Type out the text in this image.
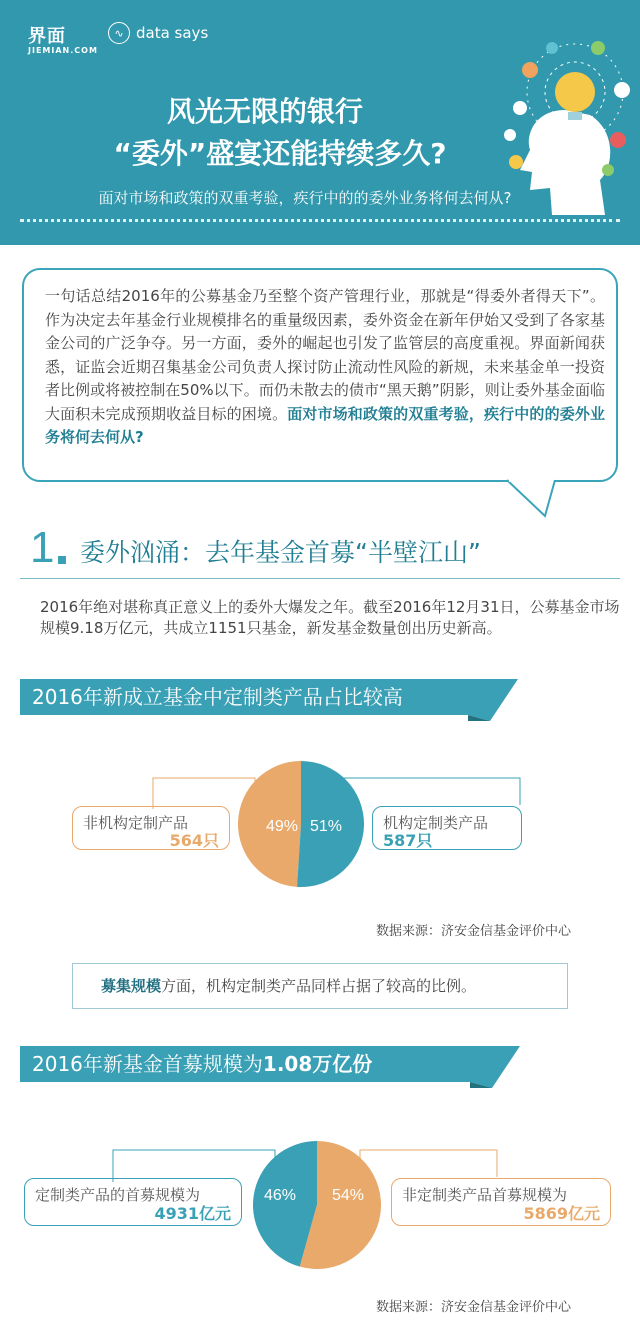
界面
JIEMIAN.COM
∿ data says
风光无限的银行
“委外”盛宴还能持续多久?
面对市场和政策的双重考验，疾行中的的委外业务将何去何从?
一句话总结2016年的公募基金乃至整个资产管理行业，那就是“得委外者得天下”。作为决定去年基金行业规模排名的重量级因素，委外资金在新年伊始又受到了各家基金公司的广泛争夺。另一方面，委外的崛起也引发了监管层的高度重视。界面新闻获悉，证监会近期召集基金公司负责人探讨防止流动性风险的新规，未来基金单一投资者比例或将被控制在50%以下。而仍未散去的债市“黑天鹅”阴影，则让委外基金面临大面积未完成预期收益目标的困境。面对市场和政策的双重考验，疾行中的的委外业务将何去何从?
1 委外汹涌：去年基金首募“半壁江山”
2016年绝对堪称真正意义上的委外大爆发之年。截至2016年12月31日，公募基金市场规模9.18万亿元，共成立1151只基金，新发基金数量创出历史新高。
2016年新成立基金中定制类产品占比较高
非机构定制产品
564只
机构定制类产品
587只
49% 51%
数据来源：济安金信基金评价中心
募集规模方面，机构定制类产品同样占据了较高的比例。
2016年新基金首募规模为1.08万亿份
定制类产品的首募规模为
4931亿元
非定制类产品首募规模为
5869亿元
46% 54%
数据来源：济安金信基金评价中心
